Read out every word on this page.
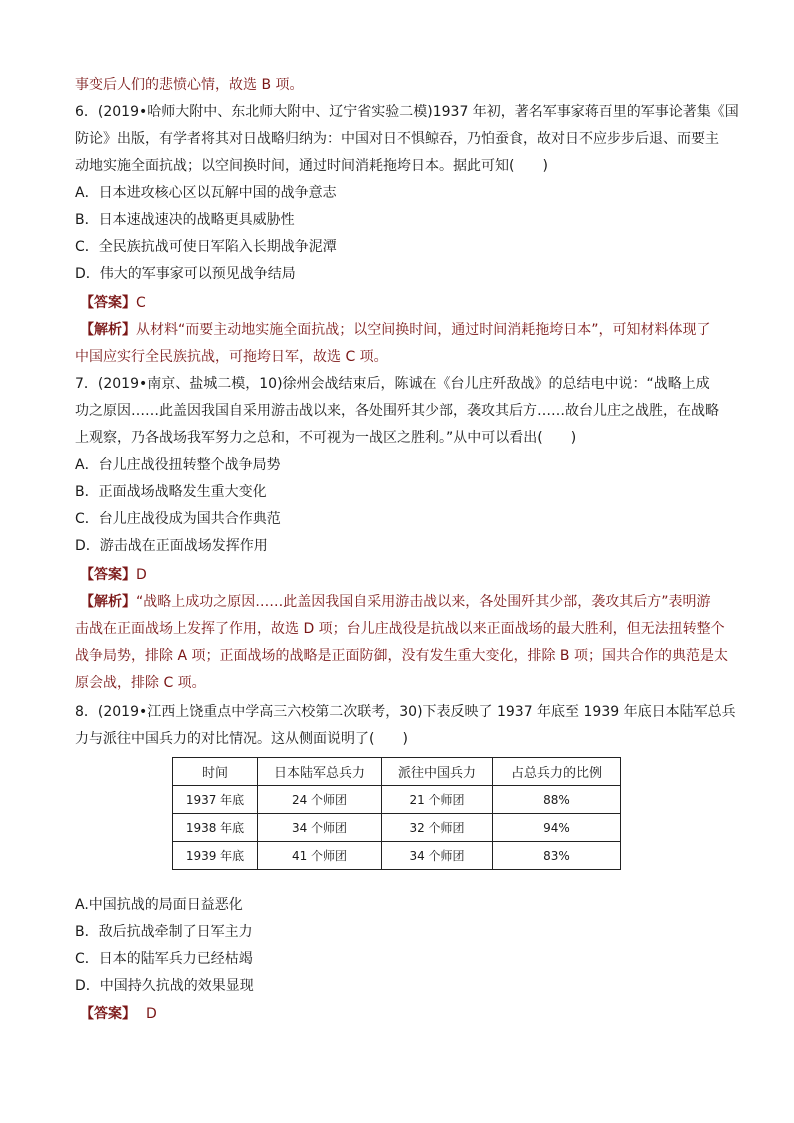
事变后人们的悲愤心情，故选 B 项。
6．(2019•哈师大附中、东北师大附中、辽宁省实验二模)1937 年初，著名军事家蒋百里的军事论著集《国
防论》出版，有学者将其对日战略归纳为：中国对日不惧鲸吞，乃怕蚕食，故对日不应步步后退、而要主
动地实施全面抗战；以空间换时间，通过时间消耗拖垮日本。据此可知(　　)
A．日本进攻核心区以瓦解中国的战争意志
B．日本速战速决的战略更具威胁性
C．全民族抗战可使日军陷入长期战争泥潭
D．伟大的军事家可以预见战争结局
【答案】C
【解析】从材料“而要主动地实施全面抗战；以空间换时间，通过时间消耗拖垮日本”，可知材料体现了
中国应实行全民族抗战，可拖垮日军，故选 C 项。
7．(2019•南京、盐城二模，10)徐州会战结束后，陈诚在《台儿庄歼敌战》的总结电中说：“战略上成
功之原因……此盖因我国自采用游击战以来，各处围歼其少部，袭攻其后方……故台儿庄之战胜，在战略
上观察，乃各战场我军努力之总和，不可视为一战区之胜利。”从中可以看出(　　)
A．台儿庄战役扭转整个战争局势
B．正面战场战略发生重大变化
C．台儿庄战役成为国共合作典范
D．游击战在正面战场发挥作用
【答案】D
【解析】“战略上成功之原因……此盖因我国自采用游击战以来，各处围歼其少部，袭攻其后方”表明游
击战在正面战场上发挥了作用，故选 D 项；台儿庄战役是抗战以来正面战场的最大胜利，但无法扭转整个
战争局势，排除 A 项；正面战场的战略是正面防御，没有发生重大变化，排除 B 项；国共合作的典范是太
原会战，排除 C 项。
8．(2019•江西上饶重点中学高三六校第二次联考，30)下表反映了 1937 年底至 1939 年底日本陆军总兵
力与派往中国兵力的对比情况。这从侧面说明了(　　)
时间	日本陆军总兵力	派往中国兵力	占总兵力的比例
1937 年底	24 个师团	21 个师团	88%
1938 年底	34 个师团	32 个师团	94%
1939 年底	41 个师团	34 个师团	83%
A.中国抗战的局面日益恶化
B．敌后抗战牵制了日军主力
C．日本的陆军兵力已经枯竭
D．中国持久抗战的效果显现
【答案】 D
